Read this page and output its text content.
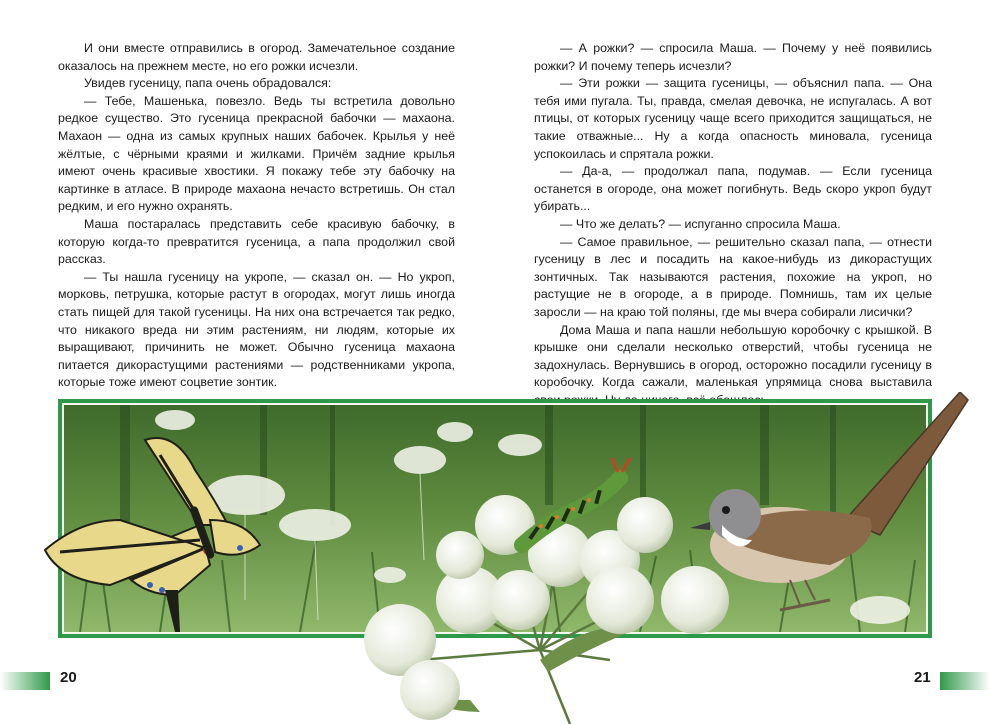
И они вместе отправились в огород. Замечательное создание оказалось на прежнем месте, но его рожки исчезли.

Увидев гусеницу, папа очень обрадовался:

— Тебе, Машенька, повезло. Ведь ты встретила довольно редкое существо. Это гусеница прекрасной бабочки — махаона. Махаон — одна из самых крупных наших бабочек. Крылья у неё жёлтые, с чёрными краями и жилками. Причём задние крылья имеют очень красивые хвостики. Я покажу тебе эту бабочку на картинке в атласе. В природе махаона нечасто встретишь. Он стал редким, и его нужно охранять.

Маша постаралась представить себе красивую бабочку, в которую когда-то превратится гусеница, а папа продолжил свой рассказ.

— Ты нашла гусеницу на укропе, — сказал он. — Но укроп, морковь, петрушка, которые растут в огородах, могут лишь иногда стать пищей для такой гусеницы. На них она встречается так редко, что никакого вреда ни этим растениям, ни людям, которые их выращивают, причинить не может. Обычно гусеница махаона питается дикорастущими растениями — родственниками укропа, которые тоже имеют соцветие зонтик.

— А рожки? — спросила Маша. — Почему у неё появились рожки? И почему теперь исчезли?

— Эти рожки — защита гусеницы, — объяснил папа. — Она тебя ими пугала. Ты, правда, смелая девочка, не испугалась. А вот птицы, от которых гусеницу чаще всего приходится защищаться, не такие отважные... Ну а когда опасность миновала, гусеница успокоилась и спрятала рожки.

— Да-а, — продолжал папа, подумав. — Если гусеница останется в огороде, она может погибнуть. Ведь скоро укроп будут убирать...

— Что же делать? — испуганно спросила Маша.

— Самое правильное, — решительно сказал папа, — отнести гусеницу в лес и посадить на какое-нибудь из дикорастущих зонтичных. Так называются растения, похожие на укроп, но растущие не в огороде, а в природе. Помнишь, там их целые заросли — на краю той поляны, где мы вчера собирали лисички?

Дома Маша и папа нашли небольшую коробочку с крышкой. В крышке они сделали несколько отверстий, чтобы гусеница не задохнулась. Вернувшись в огород, осторожно посадили гусеницу в коробочку. Когда сажали, маленькая упрямица снова выставила

20	21
